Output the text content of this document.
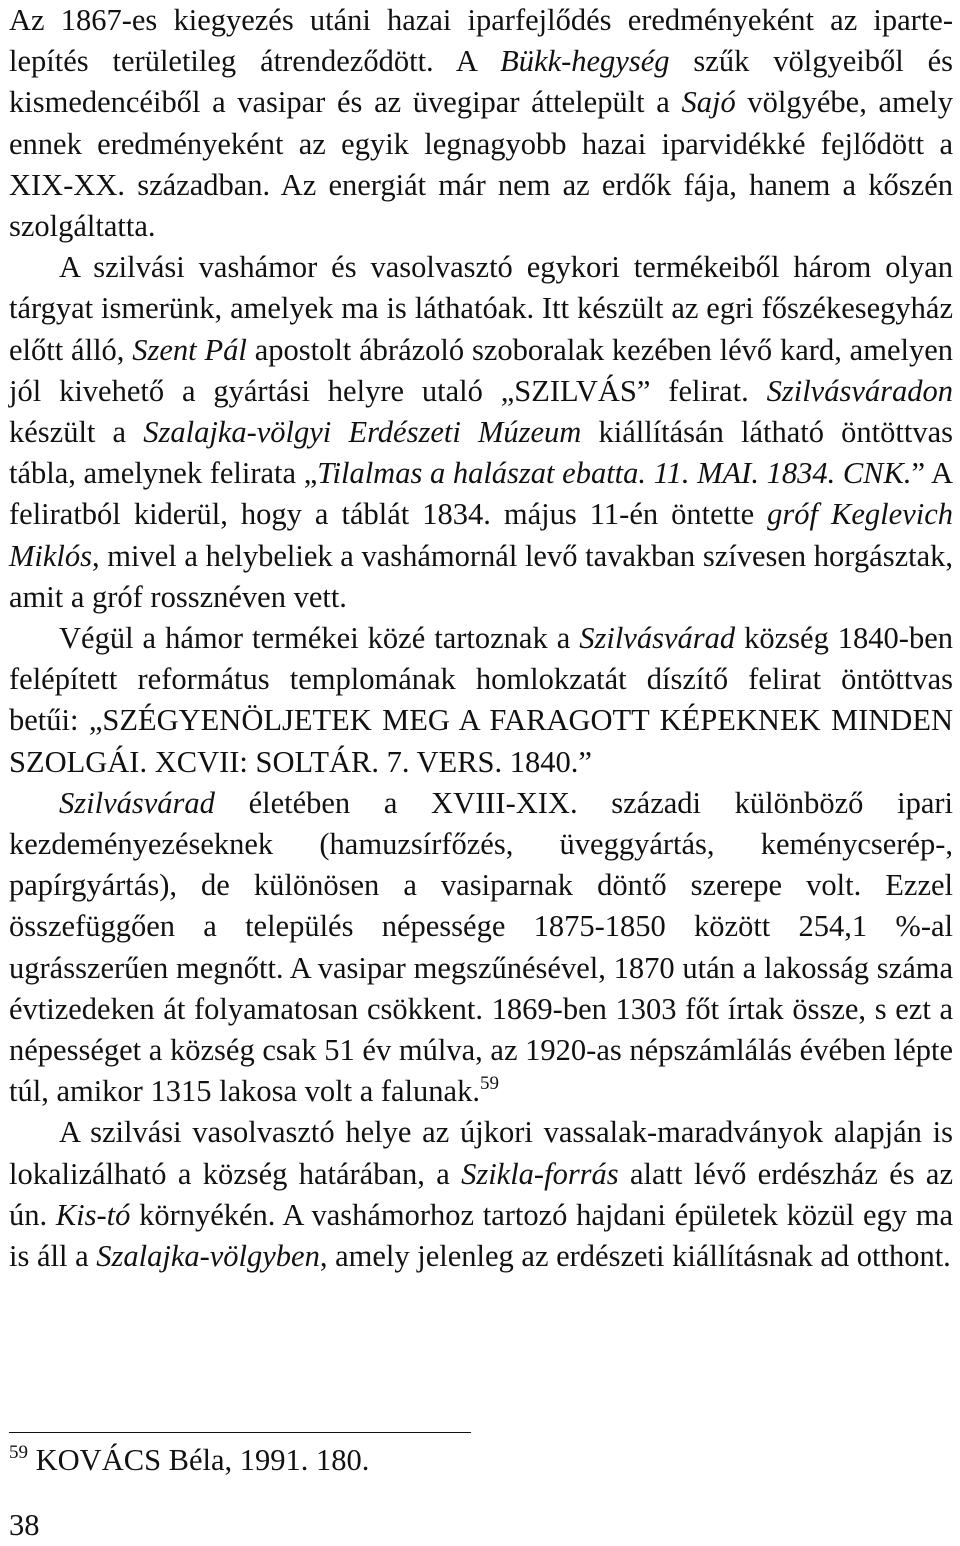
Az 1867-es kiegyezés utáni hazai iparfejlődés eredményeként az ipartelepítés területileg átrendeződött. A Bükk-hegység szűk völgyeiből és kismedencéiből a vasipar és az üvegipar áttelepült a Sajó völgyébe, amely ennek eredményeként az egyik legnagyobb hazai iparvidékké fejlődött a XIX-XX. században. Az energiát már nem az erdők fája, hanem a kőszén szolgáltatta.

A szilvási vashámor és vasolvasztó egykori termékeiből három olyan tárgyat ismerünk, amelyek ma is láthatóak. Itt készült az egri főszékesegyház előtt álló, Szent Pál apostolt ábrázoló szoboralak kezében lévő kard, amelyen jól kivehető a gyártási helyre utaló „SZILVÁS” felirat. Szilvásváradon készült a Szalajka-völgyi Erdészeti Múzeum kiállításán látható öntöttvas tábla, amelynek felirata „Tilalmas a halászat ebatta. 11. MAI. 1834. CNK.” A feliratból kiderül, hogy a táblát 1834. május 11-én öntette gróf Keglevich Miklós, mivel a helybeliek a vashámornál levő tavakban szívesen horgásztak, amit a gróf rossznéven vett.

Végül a hámor termékei közé tartoznak a Szilvásvárad község 1840-ben felépített református templomának homlokzatát díszítő felirat öntöttvas betűi: „SZÉGYENÖLJETEK MEG A FARAGOTT KÉPEKNEK MINDEN SZOLGÁI. XCVII: SOLTÁR. 7. VERS. 1840.”

Szilvásvárad életében a XVIII-XIX. századi különböző ipari kezdeményezéseknek (hamuzsírfőzés, üveggyártás, keménycserép-, papírgyártás), de különösen a vasiparnak döntő szerepe volt. Ezzel összefüggően a település népessége 1875-1850 között 254,1 %-al ugrásszerűen megnőtt. A vasipar megszűnésével, 1870 után a lakosság száma évtizedeken át folyamatosan csökkent. 1869-ben 1303 főt írtak össze, s ezt a népességet a község csak 51 év múlva, az 1920-as népszámlálás évében lépte túl, amikor 1315 lakosa volt a falunak.$^{59}$

A szilvási vasolvasztó helye az újkori vassalak-maradványok alapján is lokalizálható a község határában, a Szikla-forrás alatt lévő erdészház és az ún. Kis-tó környékén. A vashámorhoz tartozó hajdani épületek közül egy ma is áll a Szalajka-völgyben, amely jelenleg az erdészeti kiállításnak ad otthont.

$^{59}$ KOVÁCS Béla, 1991. 180.
38
